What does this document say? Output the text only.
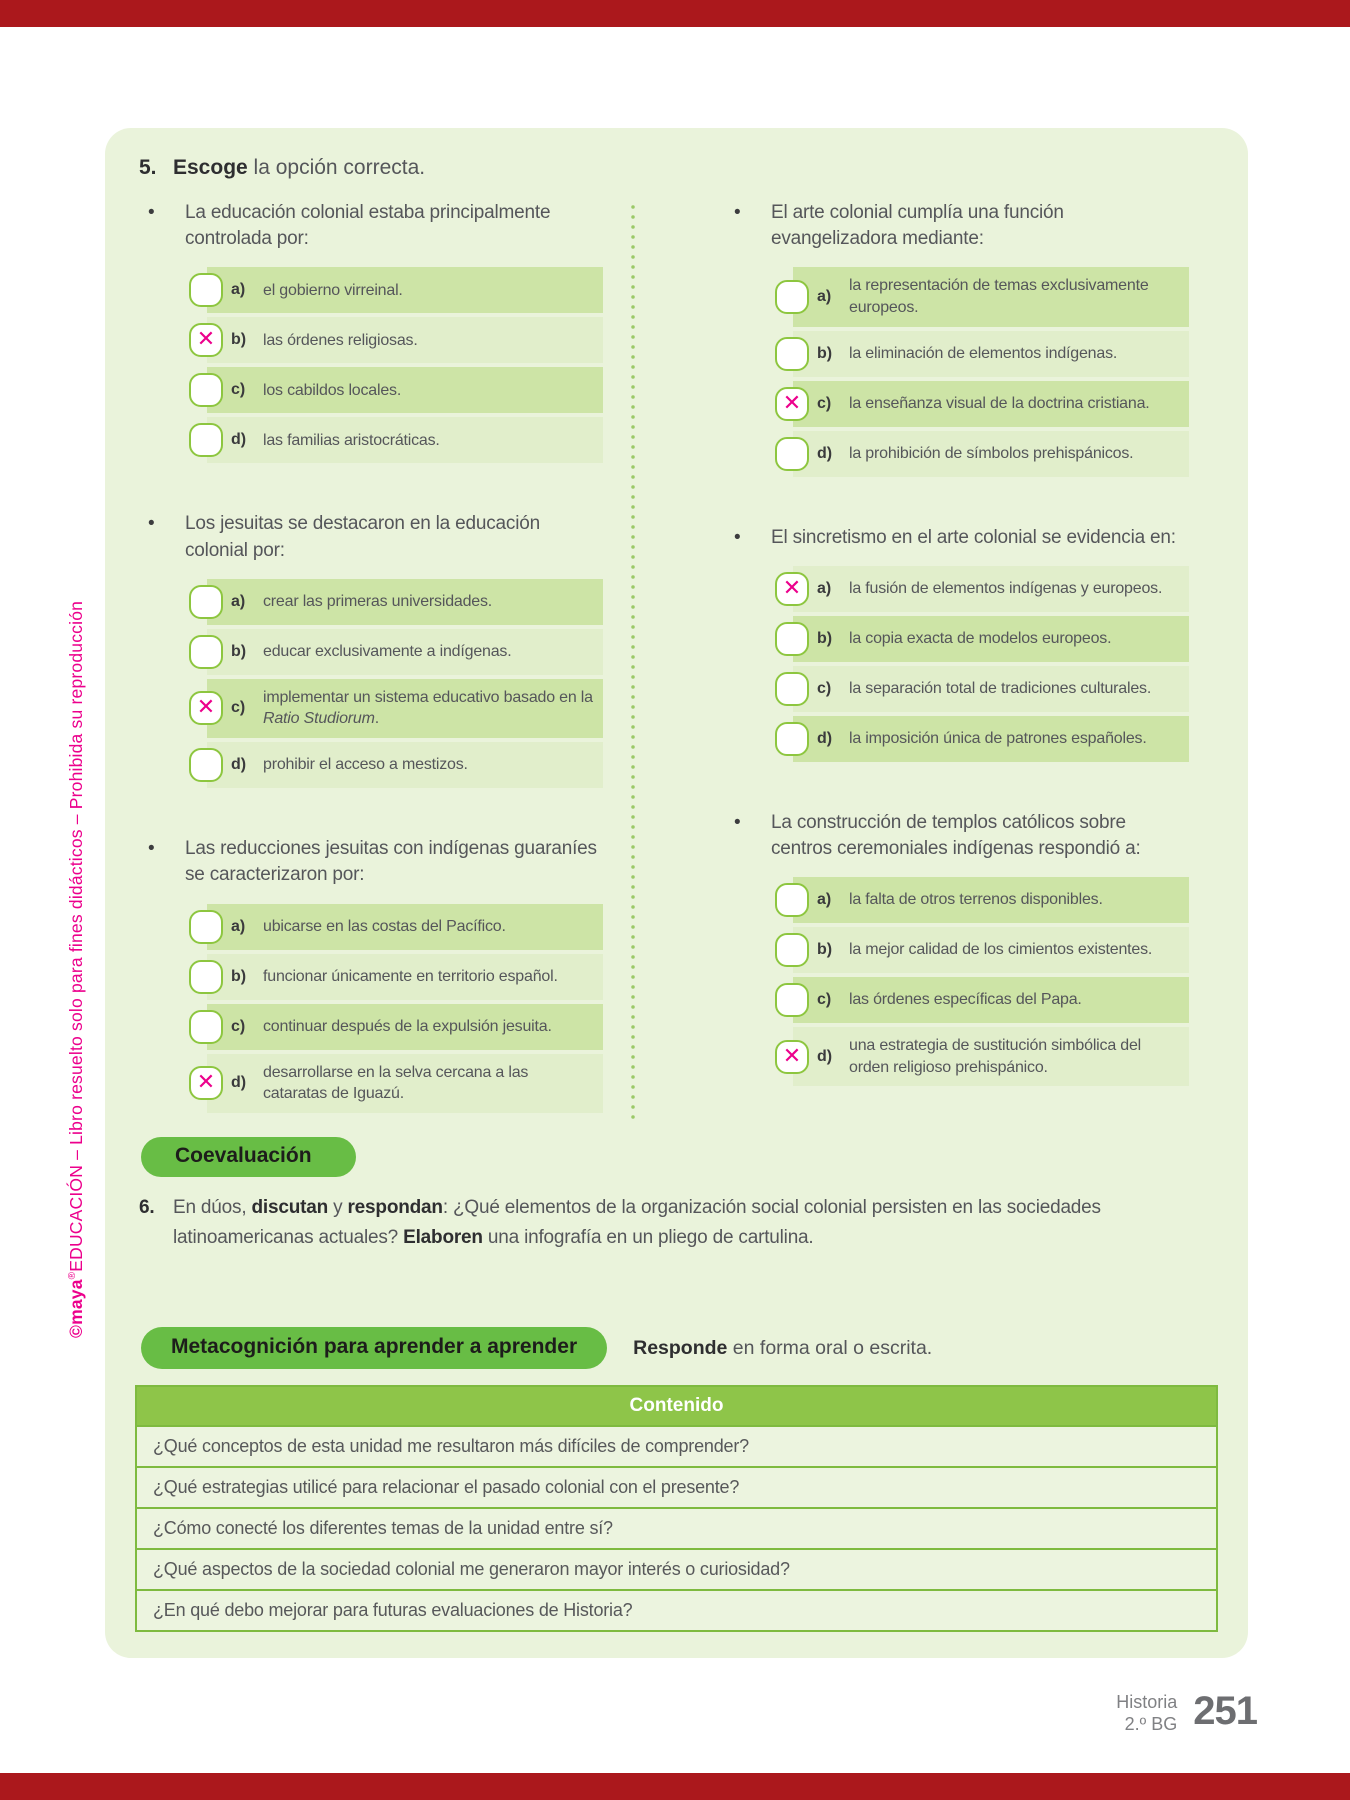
©maya®EDUCACIÓN – Libro resuelto solo para fines didácticos – Prohibida su reproducción
5. Escoge la opción correcta.
•
La educación colonial estaba principalmente controlada por:
a)	el gobierno virreinal.
✕ b)	las órdenes religiosas.
c)	los cabildos locales.
d)	las familias aristocráticas.
•
Los jesuitas se destacaron en la educación colonial por:
a)	crear las primeras universidades.
b)	educar exclusivamente a indígenas.
✕ c)
implementar un sistema educativo basado en la Ratio Studiorum.
d)	prohibir el acceso a mestizos.
•
Las reducciones jesuitas con indígenas guaraníes se caracterizaron por:
a)	ubicarse en las costas del Pacífico.
b)	funcionar únicamente en territorio español.
c)	continuar después de la expulsión jesuita.
✕ d)
desarrollarse en la selva cercana a las cataratas de Iguazú.
•
El arte colonial cumplía una función evangelizadora mediante:
a)
la representación de temas exclusivamente europeos.
b)	la eliminación de elementos indígenas.
✕ c)	la enseñanza visual de la doctrina cristiana.
d)	la prohibición de símbolos prehispánicos.
•
El sincretismo en el arte colonial se evidencia en:
✕ a)	la fusión de elementos indígenas y europeos.
b)	la copia exacta de modelos europeos.
c)	la separación total de tradiciones culturales.
d)	la imposición única de patrones españoles.
•
La construcción de templos católicos sobre centros ceremoniales indígenas respondió a:
a)	la falta de otros terrenos disponibles.
b)	la mejor calidad de los cimientos existentes.
c)	las órdenes específicas del Papa.
✕ d)
una estrategia de sustitución simbólica del orden religioso prehispánico.
Coevaluación
6. En dúos, discutan y respondan: ¿Qué elementos de la organización social colonial persisten en las sociedades latinoamericanas actuales? Elaboren una infografía en un pliego de cartulina.
Metacognición para aprender a aprender	Responde en forma oral o escrita.
Contenido
¿Qué conceptos de esta unidad me resultaron más difíciles de comprender?
¿Qué estrategias utilicé para relacionar el pasado colonial con el presente?
¿Cómo conecté los diferentes temas de la unidad entre sí?
¿Qué aspectos de la sociedad colonial me generaron mayor interés o curiosidad?
¿En qué debo mejorar para futuras evaluaciones de Historia?
Historia
2.º BG 251
